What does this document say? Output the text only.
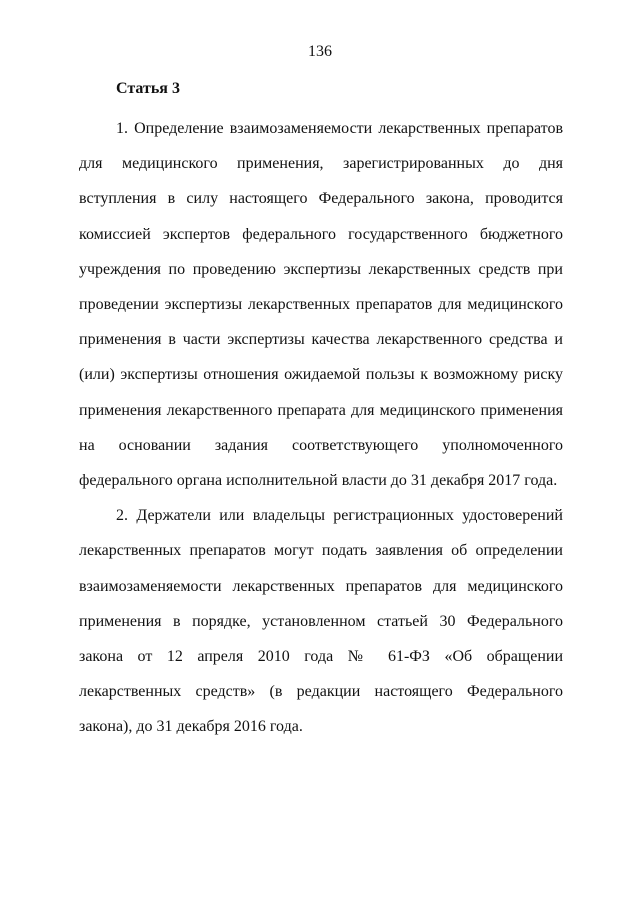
136
Статья 3

1. Определение взаимозаменяемости лекарственных препаратов для медицинского применения, зарегистрированных до дня вступления в силу настоящего Федерального закона, проводится комиссией экспертов федерального государственного бюджетного учреждения по проведению экспертизы лекарственных средств при проведении экспертизы лекарственных препаратов для медицинского применения в части экспертизы качества лекарственного средства и (или) экспертизы отношения ожидаемой пользы к возможному риску применения лекарственного препарата для медицинского применения на основании задания соответствующего уполномоченного федерального органа исполнительной власти до 31 декабря 2017 года.

2. Держатели или владельцы регистрационных удостоверений лекарственных препаратов могут подать заявления об определении взаимозаменяемости лекарственных препаратов для медицинского применения в порядке, установленном статьей 30 Федерального закона от 12 апреля 2010 года № 61-ФЗ «Об обращении лекарственных средств» (в редакции настоящего Федерального закона), до 31 декабря 2016 года.
